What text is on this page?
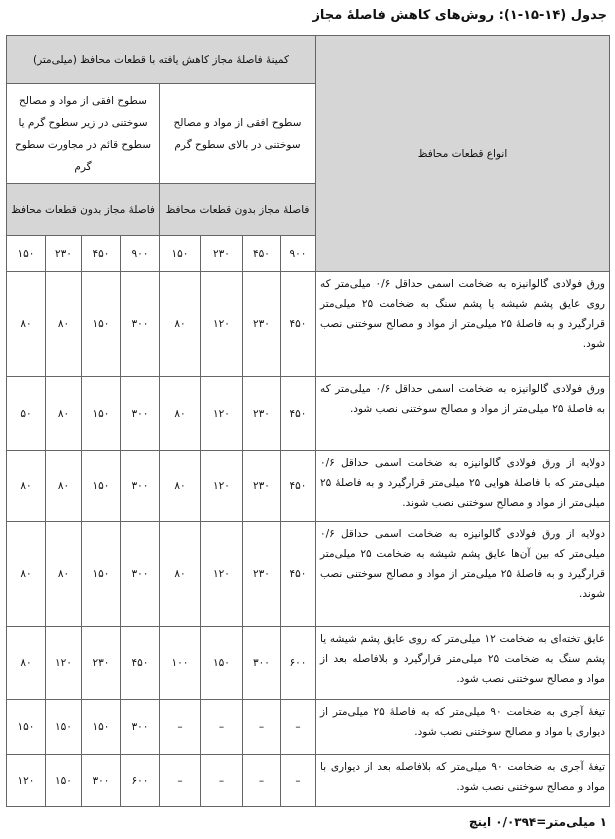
جدول (۱۴-۱۵-۱): روش‌های کاهش فاصلهٔ مجاز
انواع قطعات محافظ	کمینهٔ فاصلهٔ مجاز کاهش یافته با قطعات محافظ (میلی‌متر)							
	سطوح افقی از مواد و مصالح سوختنی در بالای سطوح گرم				سطوح افقی از مواد و مصالح سوختنی در زیر سطوح گرم یا سطوح قائم در مجاورت سطوح گرم			
	فاصلهٔ مجاز بدون قطعات محافظ				فاصلهٔ مجاز بدون قطعات محافظ			
	۹۰۰	۴۵۰	۲۳۰	۱۵۰	۹۰۰	۴۵۰	۲۳۰	۱۵۰
ورق فولادی گالوانیزه به ضخامت اسمی حداقل ۰/۶ میلی‌متر که روی عایق پشم شیشه یا پشم سنگ به ضخامت ۲۵ میلی‌متر قرارگیرد و به فاصلهٔ ۲۵ میلی‌متر از مواد و مصالح سوختنی نصب شود.	۴۵۰	۲۳۰	۱۲۰	۸۰	۳۰۰	۱۵۰	۸۰	۸۰
ورق فولادی گالوانیزه به ضخامت اسمی حداقل ۰/۶ میلی‌متر که به فاصلهٔ ۲۵ میلی‌متر از مواد و مصالح سوختنی نصب شود.	۴۵۰	۲۳۰	۱۲۰	۸۰	۳۰۰	۱۵۰	۸۰	۵۰
دولایه از ورق فولادی گالوانیزه به ضخامت اسمی حداقل ۰/۶ میلی‌متر که با فاصلهٔ هوایی ۲۵ میلی‌متر قرارگیرد و به فاصلهٔ ۲۵ میلی‌متر از مواد و مصالح سوختنی نصب شوند.	۴۵۰	۲۳۰	۱۲۰	۸۰	۳۰۰	۱۵۰	۸۰	۸۰
دولایه از ورق فولادی گالوانیزه به ضخامت اسمی حداقل ۰/۶ میلی‌متر که بین آن‌ها عایق پشم شیشه به ضخامت ۲۵ میلی‌متر قرارگیرد و به فاصلهٔ ۲۵ میلی‌متر از مواد و مصالح سوختنی نصب شوند.	۴۵۰	۲۳۰	۱۲۰	۸۰	۳۰۰	۱۵۰	۸۰	۸۰
عایق تخته‌ای به ضخامت ۱۲ میلی‌متر که روی عایق پشم شیشه یا پشم سنگ به ضخامت ۲۵ میلی‌متر قرارگیرد و بلافاصله بعد از مواد و مصالح سوختنی نصب شود.	۶۰۰	۳۰۰	۱۵۰	۱۰۰	۴۵۰	۲۳۰	۱۲۰	۸۰
تیغهٔ آجری به ضخامت ۹۰ میلی‌متر که به فاصلهٔ ۲۵ میلی‌متر از دیواری با مواد و مصالح سوختنی نصب شود.	–	–	–	–	۳۰۰	۱۵۰	۱۵۰	۱۵۰
تیغهٔ آجری به ضخامت ۹۰ میلی‌متر که بلافاصله بعد از دیواری با مواد و مصالح سوختنی نصب شود.	–	–	–	–	۶۰۰	۳۰۰	۱۵۰	۱۲۰
۱ میلی‌متر=۰/۰۳۹۴ اینچ
